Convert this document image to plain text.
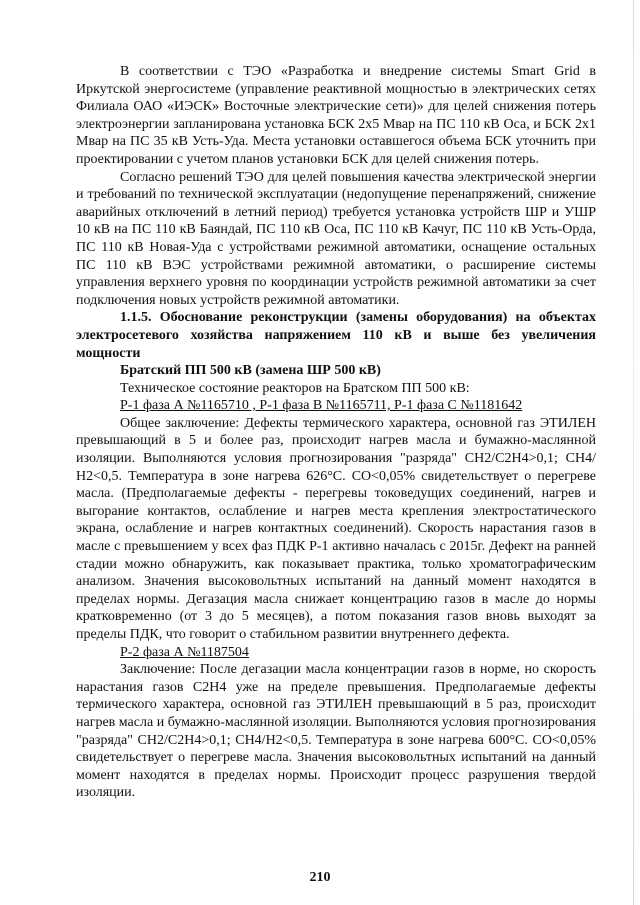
В соответствии с ТЭО «Разработка и внедрение системы Smart Grid в Иркутской энергосистеме (управление реактивной мощностью в электрических сетях Филиала ОАО «ИЭСК» Восточные электрические сети)» для целей снижения потерь электроэнергии запланирована установка БСК 2х5 Мвар на ПС 110 кВ Оса, и БСК 2х1 Мвар на ПС 35 кВ Усть-Уда. Места установки оставшегося объема БСК уточнить при проектировании с учетом планов установки БСК для целей снижения потерь.

Согласно решений ТЭО для целей повышения качества электрической энергии и требований по технической эксплуатации (недопущение перенапряжений, снижение аварийных отключений в летний период) требуется установка устройств ШР и УШР 10 кВ на ПС 110 кВ Баяндай, ПС 110 кВ Оса, ПС 110 кВ Качуг, ПС 110 кВ Усть-Орда, ПС 110 кВ Новая-Уда с устройствами режимной автоматики, оснащение остальных ПС 110 кВ ВЭС устройствами режимной автоматики, о расширение системы управления верхнего уровня по координации устройств режимной автоматики за счет подключения новых устройств режимной автоматики.

1.1.5. Обоснование реконструкции (замены оборудования) на объектах электросетевого хозяйства напряжением 110 кВ и выше без увеличения мощности

Братский ПП 500 кВ (замена ШР 500 кВ)

Техническое состояние реакторов на Братском ПП 500 кВ:

Р-1 фаза А №1165710 , Р-1 фаза В №1165711, Р-1 фаза С №1181642

Общее заключение: Дефекты термического характера, основной газ ЭТИЛЕН превышающий в 5 и более раз, происходит нагрев масла и бумажно-маслянной изоляции. Выполняются условия прогнозирования "разряда" СН2/С2Н4>0,1; СН4/Н2<0,5. Температура в зоне нагрева 626°С. СО<0,05% свидетельствует о перегреве масла. (Предполагаемые дефекты - перегревы токоведущих соединений, нагрев и выгорание контактов, ослабление и нагрев места крепления электростатического экрана, ослабление и нагрев контактных соединений). Скорость нарастания газов в масле с превышением у всех фаз ПДК Р-1 активно началась с 2015г. Дефект на ранней стадии можно обнаружить, как показывает практика, только хроматографическим анализом. Значения высоковольтных испытаний на данный момент находятся в пределах нормы. Дегазация масла снижает концентрацию газов в масле до нормы кратковременно (от 3 до 5 месяцев), а потом показания газов вновь выходят за пределы ПДК, что говорит о стабильном развитии внутреннего дефекта.

Р-2 фаза А №1187504

Заключение: После дегазации масла концентрации газов в норме, но скорость нарастания газов С2Н4 уже на пределе превышения. Предполагаемые дефекты термического характера, основной газ ЭТИЛЕН превышающий в 5 раз, происходит нагрев масла и бумажно-маслянной изоляции. Выполняются условия прогнозирования "разряда" СН2/С2Н4>0,1; СН4/Н2<0,5. Температура в зоне нагрева 600°С. СО<0,05% свидетельствует о перегреве масла. Значения высоковольтных испытаний на данный момент находятся в пределах нормы. Происходит процесс разрушения твердой изоляции.

210
